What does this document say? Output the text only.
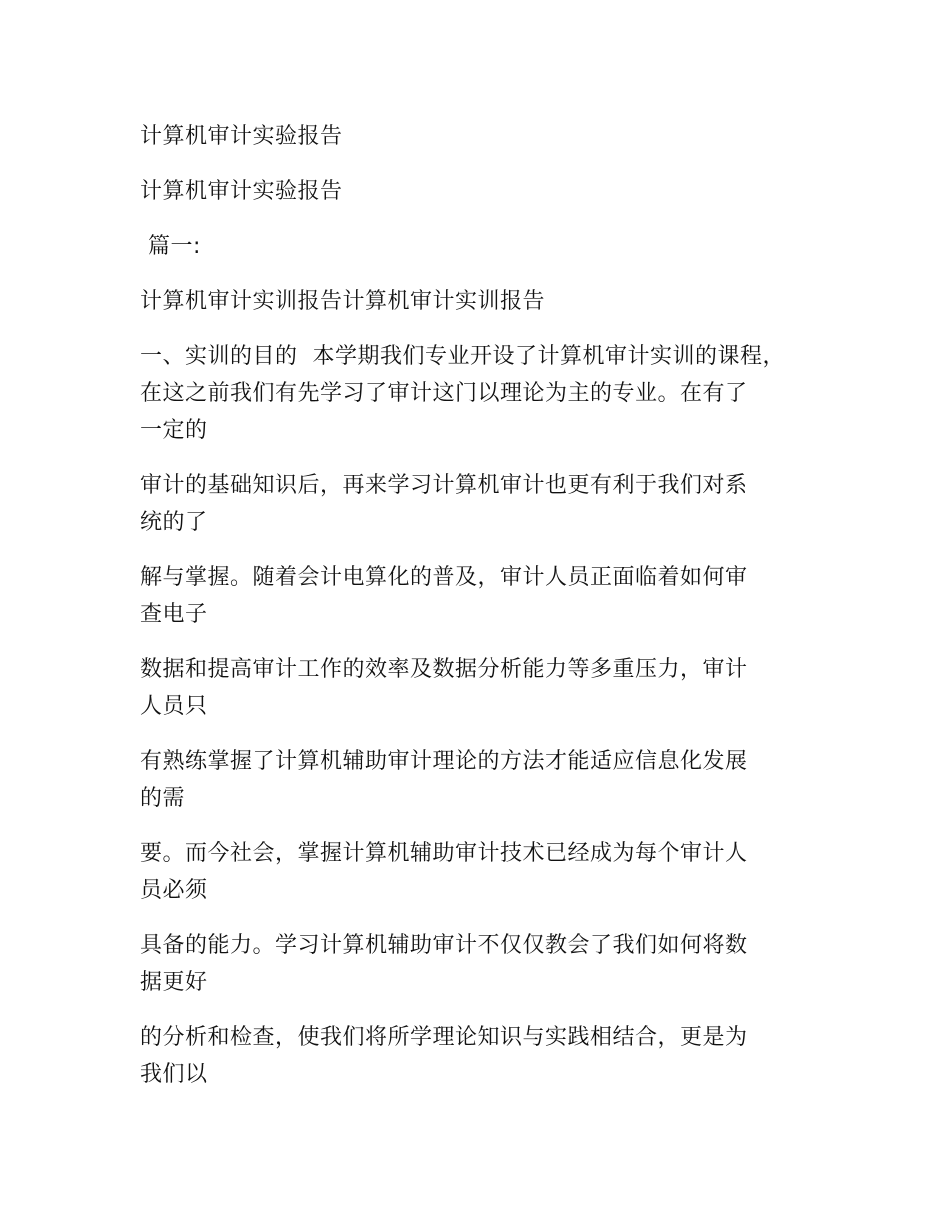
计算机审计实验报告

计算机审计实验报告

篇一:

计算机审计实训报告计算机审计实训报告

一、实训的目的  本学期我们专业开设了计算机审计实训的课程，
在这之前我们有先学习了审计这门以理论为主的专业。在有了
一定的

审计的基础知识后，再来学习计算机审计也更有利于我们对系
统的了

解与掌握。随着会计电算化的普及，审计人员正面临着如何审
查电子

数据和提高审计工作的效率及数据分析能力等多重压力，审计
人员只

有熟练掌握了计算机辅助审计理论的方法才能适应信息化发展
的需

要。而今社会，掌握计算机辅助审计技术已经成为每个审计人
员必须

具备的能力。学习计算机辅助审计不仅仅教会了我们如何将数
据更好

的分析和检查，使我们将所学理论知识与实践相结合，更是为
我们以
